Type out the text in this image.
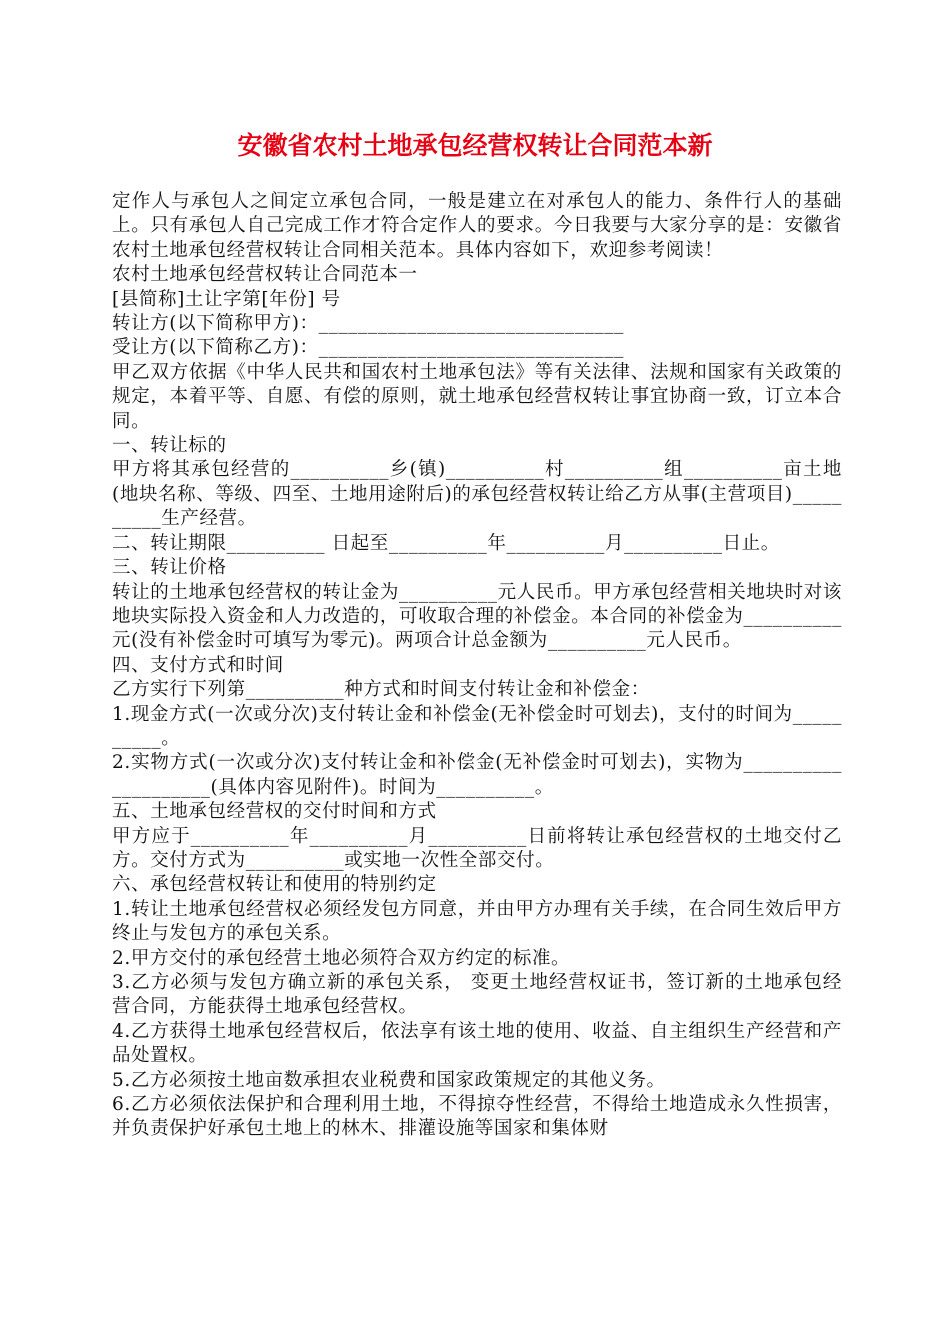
安徽省农村土地承包经营权转让合同范本新

定作人与承包人之间定立承包合同，一般是建立在对承包人的能力、条件行人的基础上。只有承包人自己完成工作才符合定作人的要求。今日我要与大家分享的是：安徽省农村土地承包经营权转让合同相关范本。具体内容如下，欢迎参考阅读！

农村土地承包经营权转让合同范本一

[县简称]土让字第[年份] 号

转让方(以下简称甲方)：_______________________________

受让方(以下简称乙方)：_______________________________

甲乙双方依据《中华人民共和国农村土地承包法》等有关法律、法规和国家有关政策的规定，本着平等、自愿、有偿的原则，就土地承包经营权转让事宜协商一致，订立本合同。

一、转让标的

甲方将其承包经营的__________乡(镇)__________村__________组__________亩土地(地块名称、等级、四至、土地用途附后)的承包经营权转让给乙方从事(主营项目)__________生产经营。

二、转让期限__________ 日起至__________年__________月__________日止。

三、转让价格

转让的土地承包经营权的转让金为__________元人民币。甲方承包经营相关地块时对该地块实际投入资金和人力改造的，可收取合理的补偿金。本合同的补偿金为__________元(没有补偿金时可填写为零元)。两项合计总金额为__________元人民币。

四、支付方式和时间

乙方实行下列第__________种方式和时间支付转让金和补偿金：

1.现金方式(一次或分次)支付转让金和补偿金(无补偿金时可划去)，支付的时间为__________。

2.实物方式(一次或分次)支付转让金和补偿金(无补偿金时可划去)，实物为____________________(具体内容见附件)。时间为__________。

五、土地承包经营权的交付时间和方式

甲方应于__________年__________月__________日前将转让承包经营权的土地交付乙方。交付方式为__________或实地一次性全部交付。

六、承包经营权转让和使用的特别约定

1.转让土地承包经营权必须经发包方同意，并由甲方办理有关手续，在合同生效后甲方终止与发包方的承包关系。

2.甲方交付的承包经营土地必须符合双方约定的标准。

3.乙方必须与发包方确立新的承包关系， 变更土地经营权证书，签订新的土地承包经营合同，方能获得土地承包经营权。

4.乙方获得土地承包经营权后，依法享有该土地的使用、收益、自主组织生产经营和产品处置权。

5.乙方必须按土地亩数承担农业税费和国家政策规定的其他义务。

6.乙方必须依法保护和合理利用土地，不得掠夺性经营，不得给土地造成永久性损害，并负责保护好承包土地上的林木、排灌设施等国家和集体财
